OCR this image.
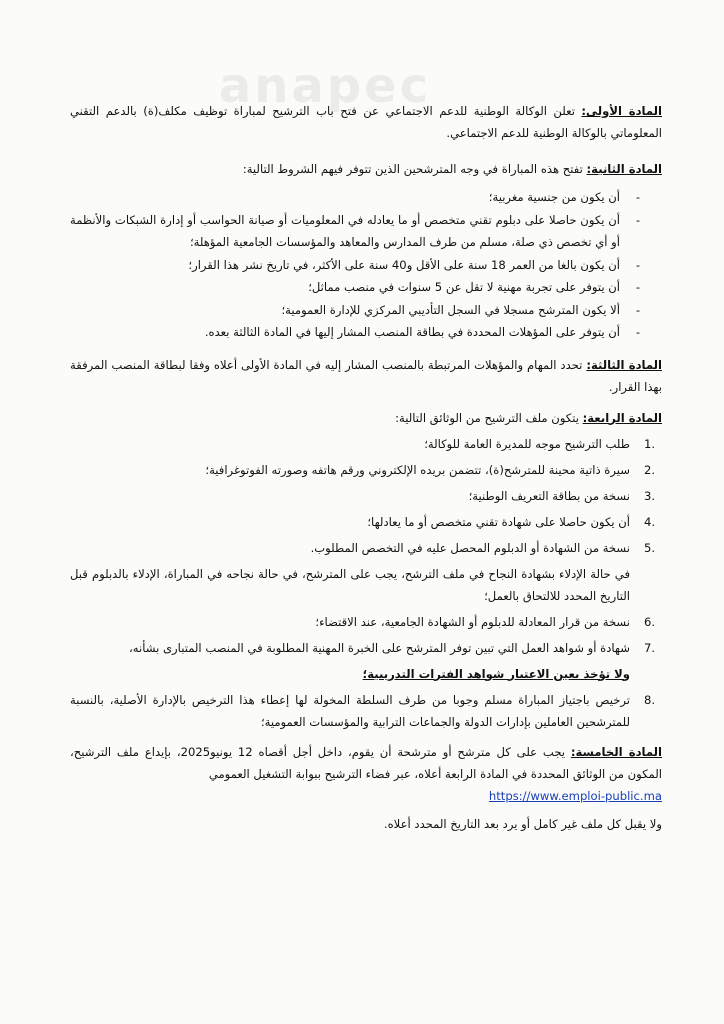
anapec	المادة الأولى: تعلن الوكالة الوطنية للدعم الاجتماعي عن فتح باب الترشيح لمباراة توظيف مكلف(ة) بالدعم التقني المعلوماتي بالوكالة الوطنية للدعم الاجتماعي.

المادة الثانية: تفتح هذه المباراة في وجه المترشحين الذين تتوفر فيهم الشروط التالية:

- أن يكون من جنسية مغربية؛
- أن يكون حاصلا على دبلوم تقني متخصص أو ما يعادله في المعلوميات أو صيانة الحواسب أو إدارة الشبكات والأنظمة أو أي تخصص ذي صلة، مسلم من طرف المدارس والمعاهد والمؤسسات الجامعية المؤهلة؛
- أن يكون بالغا من العمر 18 سنة على الأقل و40 سنة على الأكثر، في تاريخ نشر هذا القرار؛
- أن يتوفر على تجربة مهنية لا تقل عن 5 سنوات في منصب مماثل؛
- ألا يكون المترشح مسجلا في السجل التأديبي المركزي للإدارة العمومية؛
- أن يتوفر على المؤهلات المحددة في بطاقة المنصب المشار إليها في المادة الثالثة بعده.

المادة الثالثة: تحدد المهام والمؤهلات المرتبطة بالمنصب المشار إليه في المادة الأولى أعلاه وفقا لبطاقة المنصب المرفقة بهذا القرار.

المادة الرابعة: يتكون ملف الترشيح من الوثائق التالية:

1.
طلب الترشيح موجه للمديرة العامة للوكالة؛
2.
سيرة ذاتية محينة للمترشح(ة)، تتضمن بريده الإلكتروني ورقم هاتفه وصورته الفوتوغرافية؛
3.
نسخة من بطاقة التعريف الوطنية؛
4.
أن يكون حاصلا على شهادة تقني متخصص أو ما يعادلها؛
5.
نسخة من الشهادة أو الدبلوم المحصل عليه في التخصص المطلوب.
في حالة الإدلاء بشهادة النجاح في ملف الترشح، يجب على المترشح، في حالة نجاحه في المباراة، الإدلاء بالدبلوم قبل التاريخ المحدد للالتحاق بالعمل؛
6.
نسخة من قرار المعادلة للدبلوم أو الشهادة الجامعية، عند الاقتضاء؛
7.
شهادة أو شواهد العمل التي تبين توفر المترشح على الخبرة المهنية المطلوبة في المنصب المتبارى بشأنه،
ولا تؤخذ بعين الاعتبار شواهد الفترات التدريبية؛
8.
ترخيص باجتياز المباراة مسلم وجوبا من طرف السلطة المخولة لها إعطاء هذا الترخيص بالإدارة الأصلية، بالنسبة للمترشحين العاملين بإدارات الدولة والجماعات الترابية والمؤسسات العمومية؛

المادة الخامسة: يجب على كل مترشح أو مترشحة أن يقوم، داخل أجل أقصاه 12 يونيو2025، بإيداع ملف الترشيح، المكون من الوثائق المحددة في المادة الرابعة أعلاه، عبر فضاء الترشيح ببوابة التشغيل العمومي

https://www.emploi-public.ma

ولا يقبل كل ملف غير كامل أو يرد بعد التاريخ المحدد أعلاه.
